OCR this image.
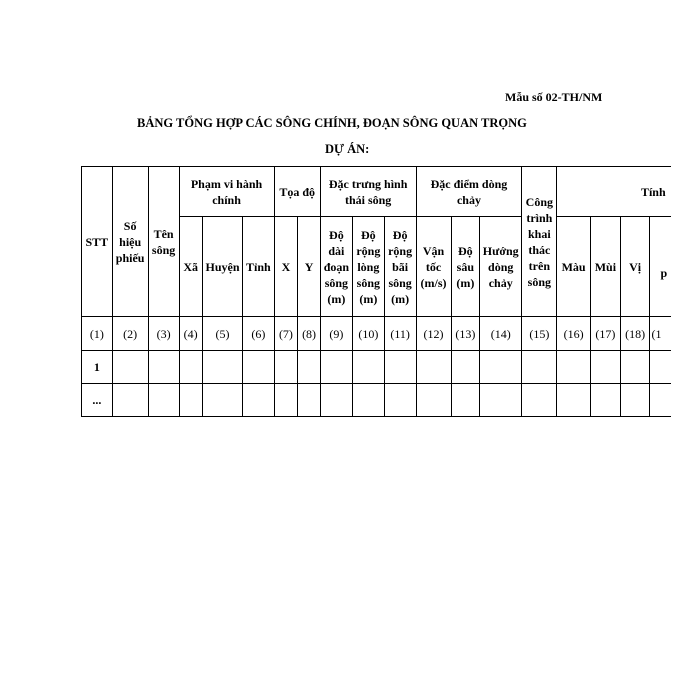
Mẫu số 02-TH/NM
BẢNG TỔNG HỢP CÁC SÔNG CHÍNH, ĐOẠN SÔNG QUAN TRỌNG
DỰ ÁN:
STT	Số hiệu phiếu	Tên sông	Phạm vi hành chính			Tọa độ		Đặc trưng hình thái sông			Đặc điểm dòng chảy			Công trình khai thác trên sông	Tính				
			Xã	Huyện	Tỉnh	X	Y	Độ dài đoạn sông (m)	Độ rộng lòng sông (m)	Độ rộng bãi sông (m)	Vận tốc (m/s)	Độ sâu (m)	Hướng dòng chảy		Màu	Mùi	Vị	p	
(1)	(2)	(3)	(4)	(5)	(6)	(7)	(8)	(9)	(10)	(11)	(12)	(13)	(14)	(15)	(16)	(17)	(18)	(1	
1																			
...																			
